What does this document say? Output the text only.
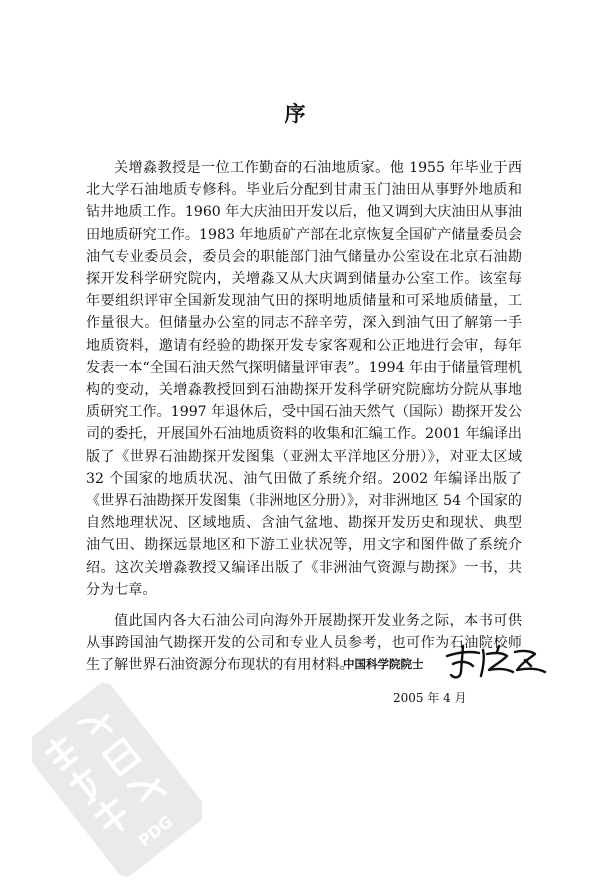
序

关增淼教授是一位工作勤奋的石油地质家。他 1955 年毕业于西北大学石油地质专修科。毕业后分配到甘肃玉门油田从事野外地质和钻井地质工作。1960 年大庆油田开发以后，他又调到大庆油田从事油田地质研究工作。1983 年地质矿产部在北京恢复全国矿产储量委员会油气专业委员会，委员会的职能部门油气储量办公室设在北京石油勘探开发科学研究院内，关增淼又从大庆调到储量办公室工作。该室每年要组织评审全国新发现油气田的探明地质储量和可采地质储量，工作量很大。但储量办公室的同志不辞辛劳，深入到油气田了解第一手地质资料，邀请有经验的勘探开发专家客观和公正地进行会审，每年发表一本“全国石油天然气探明储量评审表”。1994 年由于储量管理机构的变动，关增淼教授回到石油勘探开发科学研究院廊坊分院从事地质研究工作。1997 年退休后，受中国石油天然气（国际）勘探开发公司的委托，开展国外石油地质资料的收集和汇编工作。2001 年编译出版了《世界石油勘探开发图集（亚洲太平洋地区分册）》，对亚太区域 32 个国家的地质状况、油气田做了系统介绍。2002 年编译出版了《世界石油勘探开发图集（非洲地区分册）》，对非洲地区 54 个国家的自然地理状况、区域地质、含油气盆地、勘探开发历史和现状、典型油气田、勘探远景地区和下游工业状况等，用文字和图件做了系统介绍。这次关增淼教授又编译出版了《非洲油气资源与勘探》一书，共分为七章。

值此国内各大石油公司向海外开展勘探开发业务之际，本书可供从事跨国油气勘探开发的公司和专业人员参考，也可作为石油院校师生了解世界石油资源分布现状的有用材料。

中国科学院院士
2005 年 4 月
PDG
